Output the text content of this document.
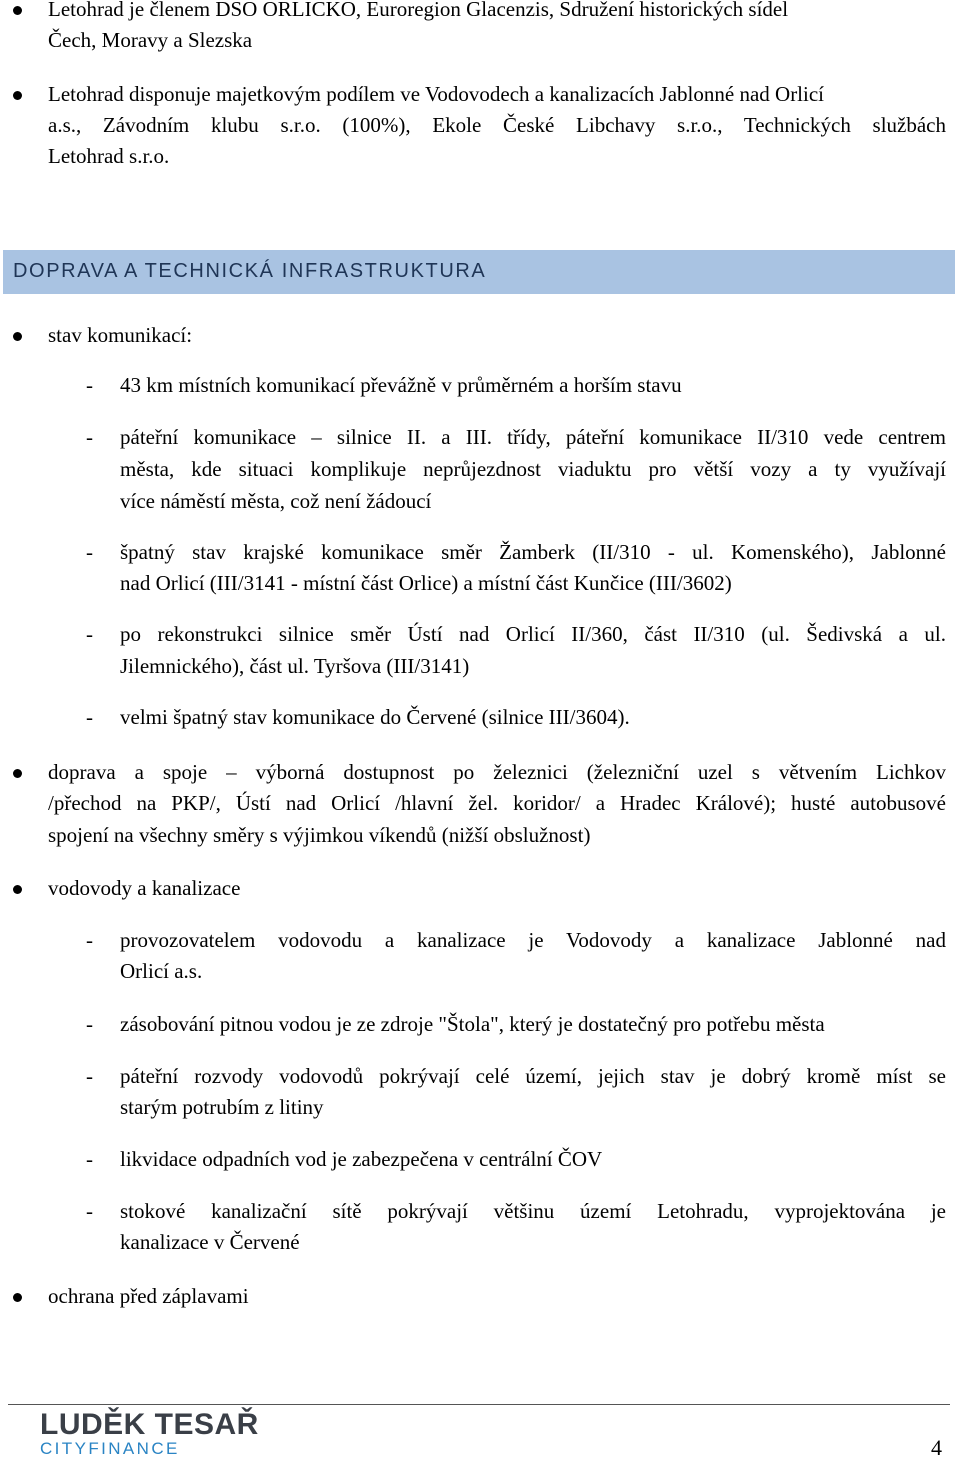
Letohrad je členem DSO ORLICKO, Euroregion Glacenzis, Sdružení historických sídel
Čech, Moravy a Slezska
Letohrad disponuje majetkovým podílem ve Vodovodech a kanalizacích Jablonné nad Orlicí
a.s., Závodním klubu s.r.o. (100%), Ekole České Libchavy s.r.o., Technických službách
Letohrad s.r.o.
DOPRAVA A TECHNICKÁ INFRASTRUKTURA
stav komunikací:
- 43 km místních komunikací převážně v průměrném a horším stavu
- páteřní komunikace – silnice II. a III. třídy, páteřní komunikace II/310 vede centrem
města, kde situaci komplikuje neprůjezdnost viaduktu pro větší vozy a ty využívají
více náměstí města, což není žádoucí
- špatný stav krajské komunikace směr Žamberk (II/310 - ul. Komenského), Jablonné
nad Orlicí (III/3141 - místní část Orlice) a místní část Kunčice (III/3602)
- po rekonstrukci silnice směr Ústí nad Orlicí II/360, část II/310 (ul. Šedivská a ul.
Jilemnického), část ul. Tyršova (III/3141)
- velmi špatný stav komunikace do Červené (silnice III/3604).
doprava a spoje – výborná dostupnost po železnici (železniční uzel s větvením Lichkov
/přechod na PKP/, Ústí nad Orlicí /hlavní žel. koridor/ a Hradec Králové); husté autobusové
spojení na všechny směry s výjimkou víkendů (nižší obslužnost)
vodovody a kanalizace
- provozovatelem vodovodu a kanalizace je Vodovody a kanalizace Jablonné nad
Orlicí a.s.
- zásobování pitnou vodou je ze zdroje "Štola", který je dostatečný pro potřebu města
- páteřní rozvody vodovodů pokrývají celé území, jejich stav je dobrý kromě míst se
starým potrubím z litiny
- likvidace odpadních vod je zabezpečena v centrální ČOV
- stokové kanalizační sítě pokrývají většinu území Letohradu, vyprojektována je
kanalizace v Červené
ochrana před záplavami
LUDĚK TESAŘ
CITYFINANCE	4
